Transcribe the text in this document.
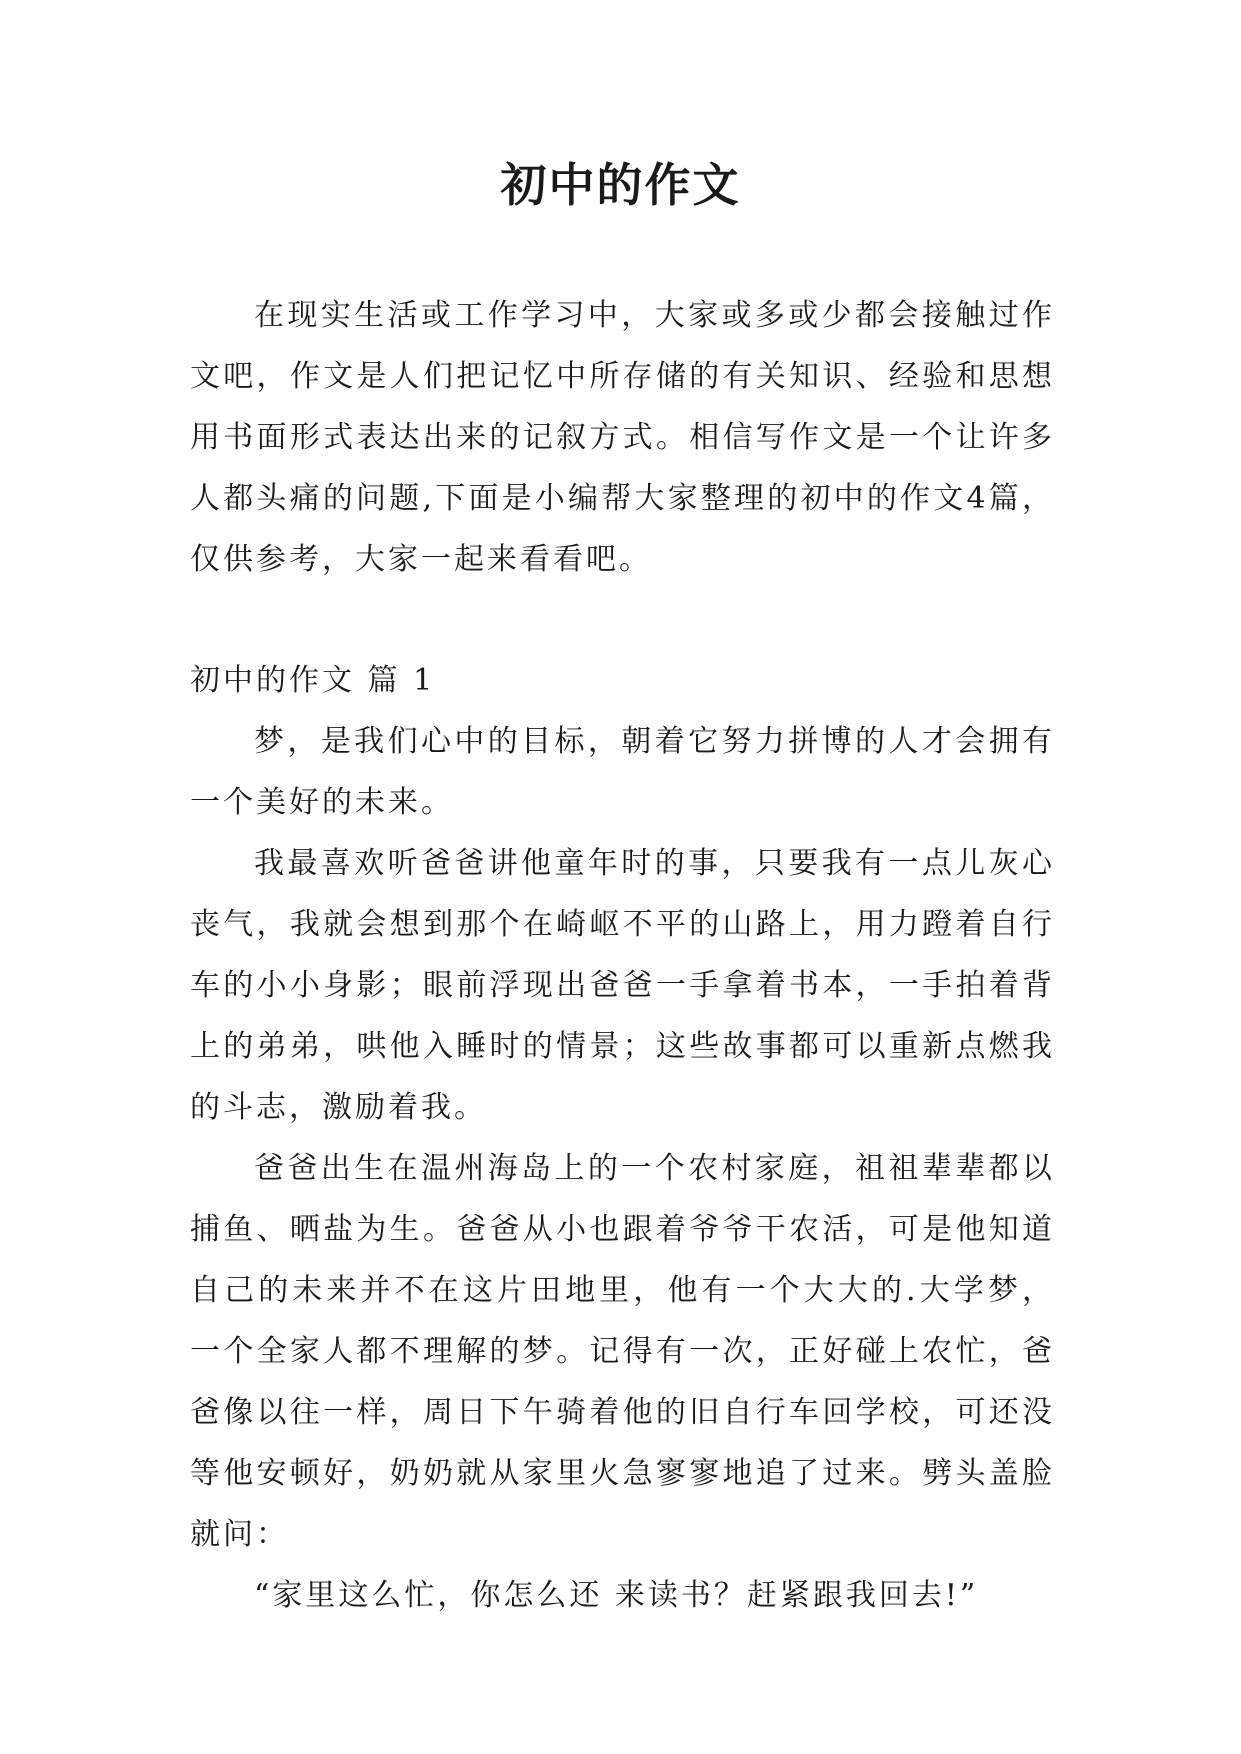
初中的作文

在现实生活或工作学习中，大家或多或少都会接触过作文吧，作文是人们把记忆中所存储的有关知识、经验和思想用书面形式表达出来的记叙方式。相信写作文是一个让许多人都头痛的问题,下面是小编帮大家整理的初中的作文4篇，仅供参考，大家一起来看看吧。

初中的作文 篇 1

梦，是我们心中的目标，朝着它努力拼博的人才会拥有一个美好的未来。

我最喜欢听爸爸讲他童年时的事，只要我有一点儿灰心丧气，我就会想到那个在崎岖不平的山路上，用力蹬着自行车的小小身影；眼前浮现出爸爸一手拿着书本，一手拍着背上的弟弟，哄他入睡时的情景；这些故事都可以重新点燃我的斗志，激励着我。

爸爸出生在温州海岛上的一个农村家庭，祖祖辈辈都以捕鱼、晒盐为生。爸爸从小也跟着爷爷干农活，可是他知道自己的未来并不在这片田地里，他有一个大大的.大学梦，一个全家人都不理解的梦。记得有一次，正好碰上农忙，爸爸像以往一样，周日下午骑着他的旧自行车回学校，可还没等他安顿好，奶奶就从家里火急寥寥地追了过来。劈头盖脸就问：

“家里这么忙，你怎么还 来读书？赶紧跟我回去!”
